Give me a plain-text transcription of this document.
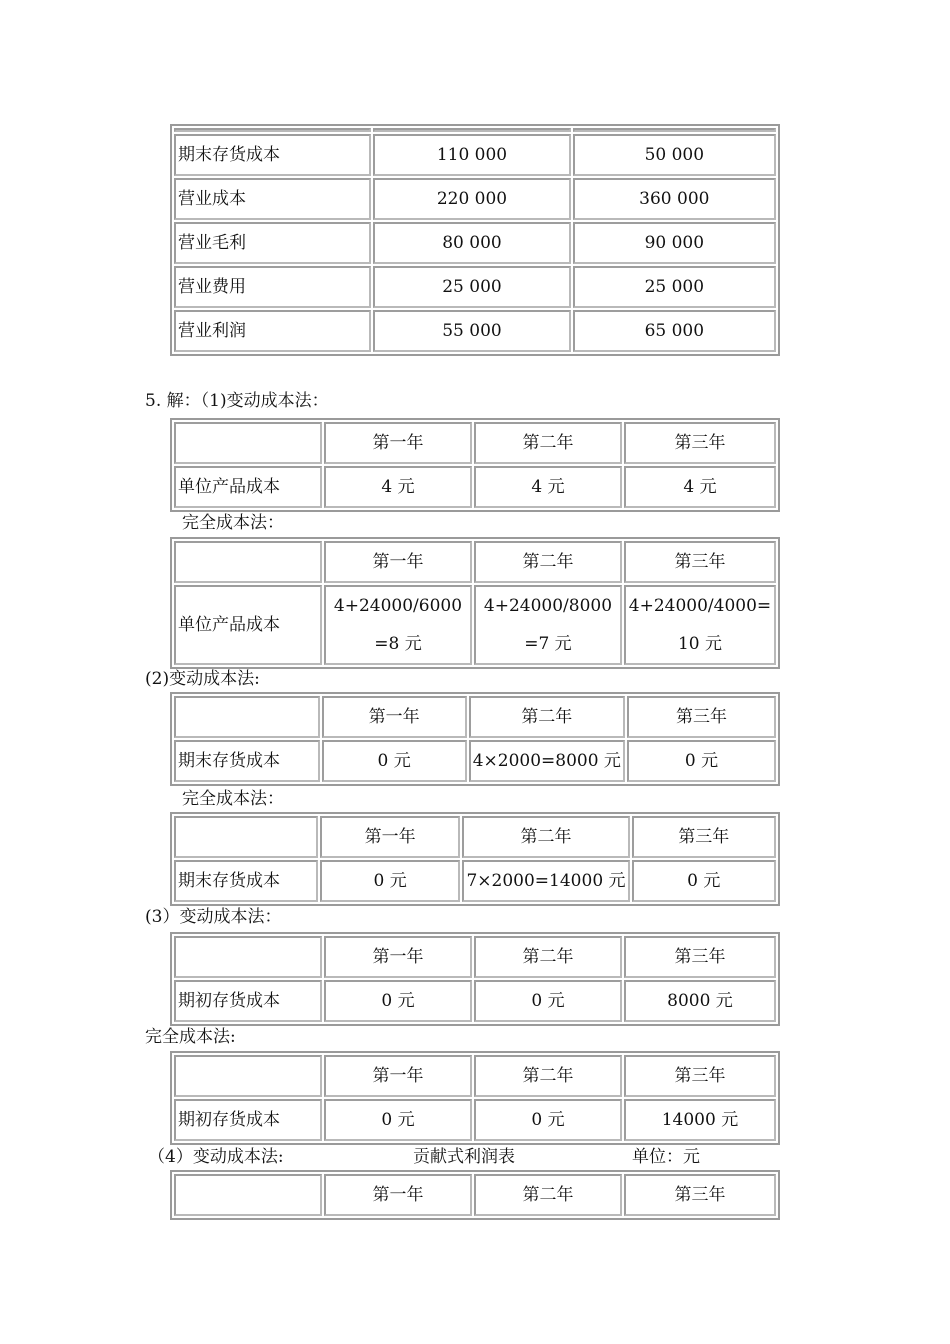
期末存货成本	110 000	50 000
营业成本	220 000	360 000
营业毛利	80 000	90 000
营业费用	25 000	25 000
营业利润	55 000	65 000
5. 解：（1)变动成本法：
	第一年	第二年	第三年
单位产品成本	4 元	4 元	4 元
完全成本法：
	第一年	第二年	第三年
单位产品成本	4+24000/6000=8 元	4+24000/8000=7 元	4+24000/4000=10 元
(2)变动成本法:
	第一年	第二年	第三年
期末存货成本	0 元	4×2000=8000 元	0 元
完全成本法：
	第一年	第二年	第三年
期末存货成本	0 元	7×2000=14000 元	0 元
(3）变动成本法：
	第一年	第二年	第三年
期初存货成本	0 元	0 元	8000 元
完全成本法:
	第一年	第二年	第三年
期初存货成本	0 元	0 元	14000 元
（4）变动成本法:	贡献式利润表	单位：元
	第一年	第二年	第三年
